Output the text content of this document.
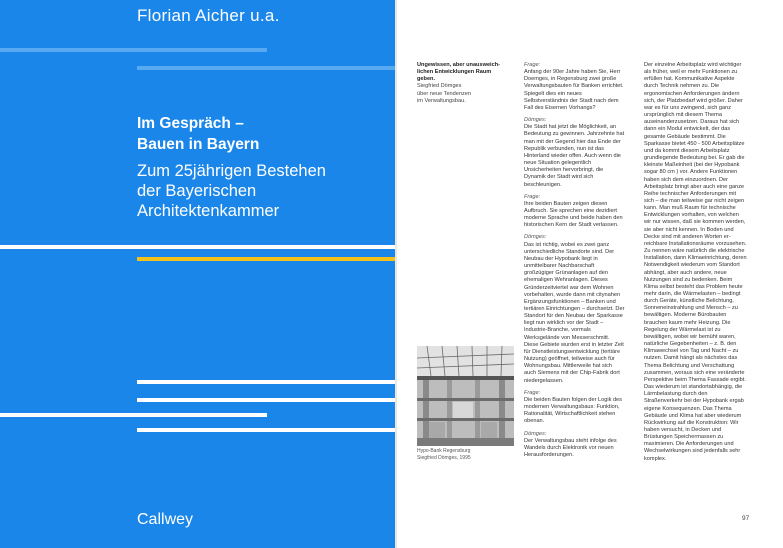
Florian Aicher u.a.
Im Gespräch –
Bauen in Bayern
Zum 25jährigen Bestehen
der Bayerischen
Architektenkammer
Callwey
Ungewissen, aber unausweichlichen Entwicklungen Raum geben.
Siegfried Dömges
über neue Tendenzen
im Verwaltungsbau.
Frage:

Anfang der 90er Jahre haben Sie, Herr Doemges, in Regensburg zwei große Verwaltungsbauten für Banken errichtet. Spiegelt dies ein neues Selbstverständnis der Stadt nach dem Fall des Eisernen Vorhangs?

Dömges:

Die Stadt hat jetzt die Möglichkeit, an Bedeutung zu gewinnen. Jahrzehnte hat man mit der Gegend hier das Ende der Republik verbunden, nun ist das Hinterland wieder offen. Auch wenn die neue Situation gelegentlich Unsicherheiten hervorbringt, die Dynamik der Stadt wird sich beschleunigen.

Frage:

Ihre beiden Bauten zeigen diesen Aufbruch. Sie sprechen eine dezidiert moderne Sprache und beide haben den historischen Kern der Stadt verlassen.

Dömges:

Das ist richtig, wobei es zwei ganz unterschiedliche Standorte sind. Der Neubau der Hypobank liegt in unmittelbarer Nachbarschaft großzügiger Grünanlagen auf den ehemaligen Wehranlagen. Dieses Gründerzeitviertel war dem Wohnen vorbehalten, wurde dann mit citynahen Ergänzungsfunktionen – Banken und tertiären Einrichtungen – durchsetzt. Der Standort für den Neubau der Sparkasse liegt nun wirklich vor der Stadt – Industrie-Branche, vormals Werksgelände von Messerschmitt. Diese Gebiete wurden erst in letzter Zeit für Dienstleistungsentwicklung (tertiäre Nutzung) geöffnet, teilweise auch für Wohnungsbau. Mittlerweile hat sich auch Siemens mit der Chip-Fabrik dort niedergelassen.

Frage:

Die beiden Bauten folgen der Logik des modernen Verwaltungsbaus: Funktion, Rationalität, Wirtschaftlichkeit stehen obenan.

Dömges:

Der Verwaltungsbau steht infolge des Wandels durch Elektronik vor neuen Herausforderungen.

Der einzelne Arbeitsplatz wird wichtiger als früher, weil er mehr Funktionen zu erfüllen hat. Kommunikative Aspekte durch Technik nehmen zu. Die ergonomischen Anforderungen ändern sich, der Platzbedarf wird größer. Daher war es für uns zwingend, sich ganz ursprünglich mit diesem Thema auseinanderzusetzen. Daraus hat sich dann ein Modul entwickelt, der das gesamte Gebäude bestimmt. Die Sparkasse bietet 450 - 500 Arbeitsplätze und da kommt diesem Arbeitsplatz grundlegende Bedeutung bei. Er gab die kleinste Maßeinheit (bei der Hypobank sogar 80 cm ) vor. Andere Funktionen haben sich dem einzuordnen. Der Arbeitsplatz bringt aber auch eine ganze Reihe technischer Anforderungen mit sich – die man teilweise gar nicht zeigen kann. Man muß Raum für technische Entwicklungen vorhalten, von welchen wir nur wissen, daß sie kommen werden, sie aber nicht kennen. In Boden und Decke sind mit anderen Worten erreichbare Installationsräume vorzusehen. Zu nennen wäre natürlich die elektrische Installation, dann Klimaeinrichtung, deren Notwendigkeit wiederum vom Standort abhängt, aber auch andere, neue Nutzungen sind zu bedenken. Beim Klima selbst besteht das Problem heute mehr darin, die Wärmelasten – bedingt durch Geräte, künstliche Belichtung, Sonneneinstrahlung und Mensch – zu bewältigen. Moderne Bürobauten brauchen kaum mehr Heizung. Die Regelung der Wärmelast ist zu bewältigen, wobei wir bemüht waren, natürliche Gegebenheiten – z. B. den Klimawechsel von Tag und Nacht – zu nutzen. Damit hängt als nächstes das Thema Belichtung und Verschattung zusammen, woraus sich eine veränderte Perspektive beim Thema Fassade ergibt. Das wiederum ist standortabhängig, die Lärmbelastung durch den Straßenverkehr bei der Hypobank ergab eigene Konsequenzen. Das Thema Gebäude und Klima hat aber wiederum Rückwirkung auf die Konstruktion: Wir haben versucht, in Decken und Brüstungen Speichermassen zu maximieren. Die Anforderungen und Wechselwirkungen sind jedenfalls sehr komplex.

Hypo-Bank Regensburg
Siegfried Dömges, 1995
97
